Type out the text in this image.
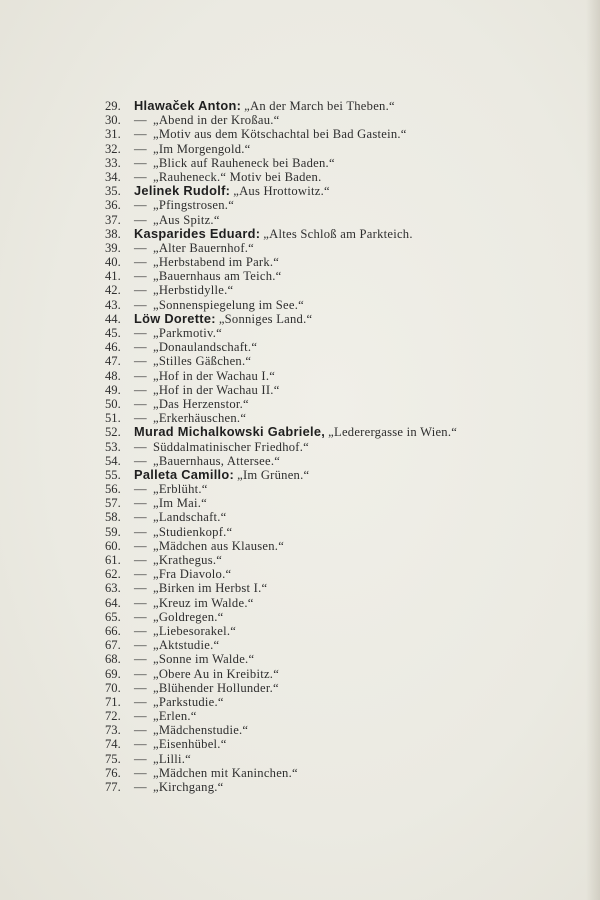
29.	Hlawaček Anton: „An der March bei Theben.“
30.	— „Abend in der Kroßau.“
31.	— „Motiv aus dem Kötschachtal bei Bad Gastein.“
32.	— „Im Morgengold.“
33.	— „Blick auf Rauheneck bei Baden.“
34.	— „Rauheneck.“ Motiv bei Baden.
35.	Jelinek Rudolf: „Aus Hrottowitz.“
36.	— „Pfingstrosen.“
37.	— „Aus Spitz.“
38.	Kasparides Eduard: „Altes Schloß am Parkteich.
39.	— „Alter Bauernhof.“
40.	— „Herbstabend im Park.“
41.	— „Bauernhaus am Teich.“
42.	— „Herbstidylle.“
43.	— „Sonnenspiegelung im See.“
44.	Löw Dorette: „Sonniges Land.“
45.	— „Parkmotiv.“
46.	— „Donaulandschaft.“
47.	— „Stilles Gäßchen.“
48.	— „Hof in der Wachau I.“
49.	— „Hof in der Wachau II.“
50.	— „Das Herzenstor.“
51.	— „Erkerhäuschen.“
52.	Murad Michalkowski Gabriele, „Lederergasse in Wien.“
53.	— Süddalmatinischer Friedhof.“
54.	— „Bauernhaus, Attersee.“
55.	Palleta Camillo: „Im Grünen.“
56.	— „Erblüht.“
57.	— „Im Mai.“
58.	— „Landschaft.“
59.	— „Studienkopf.“
60.	— „Mädchen aus Klausen.“
61.	— „Krathegus.“
62.	— „Fra Diavolo.“
63.	— „Birken im Herbst I.“
64.	— „Kreuz im Walde.“
65.	— „Goldregen.“
66.	— „Liebesorakel.“
67.	— „Aktstudie.“
68.	— „Sonne im Walde.“
69.	— „Obere Au in Kreibitz.“
70.	— „Blühender Hollunder.“
71.	— „Parkstudie.“
72.	— „Erlen.“
73.	— „Mädchenstudie.“
74.	— „Eisenhübel.“
75.	— „Lilli.“
76.	— „Mädchen mit Kaninchen.“
77.	— „Kirchgang.“
